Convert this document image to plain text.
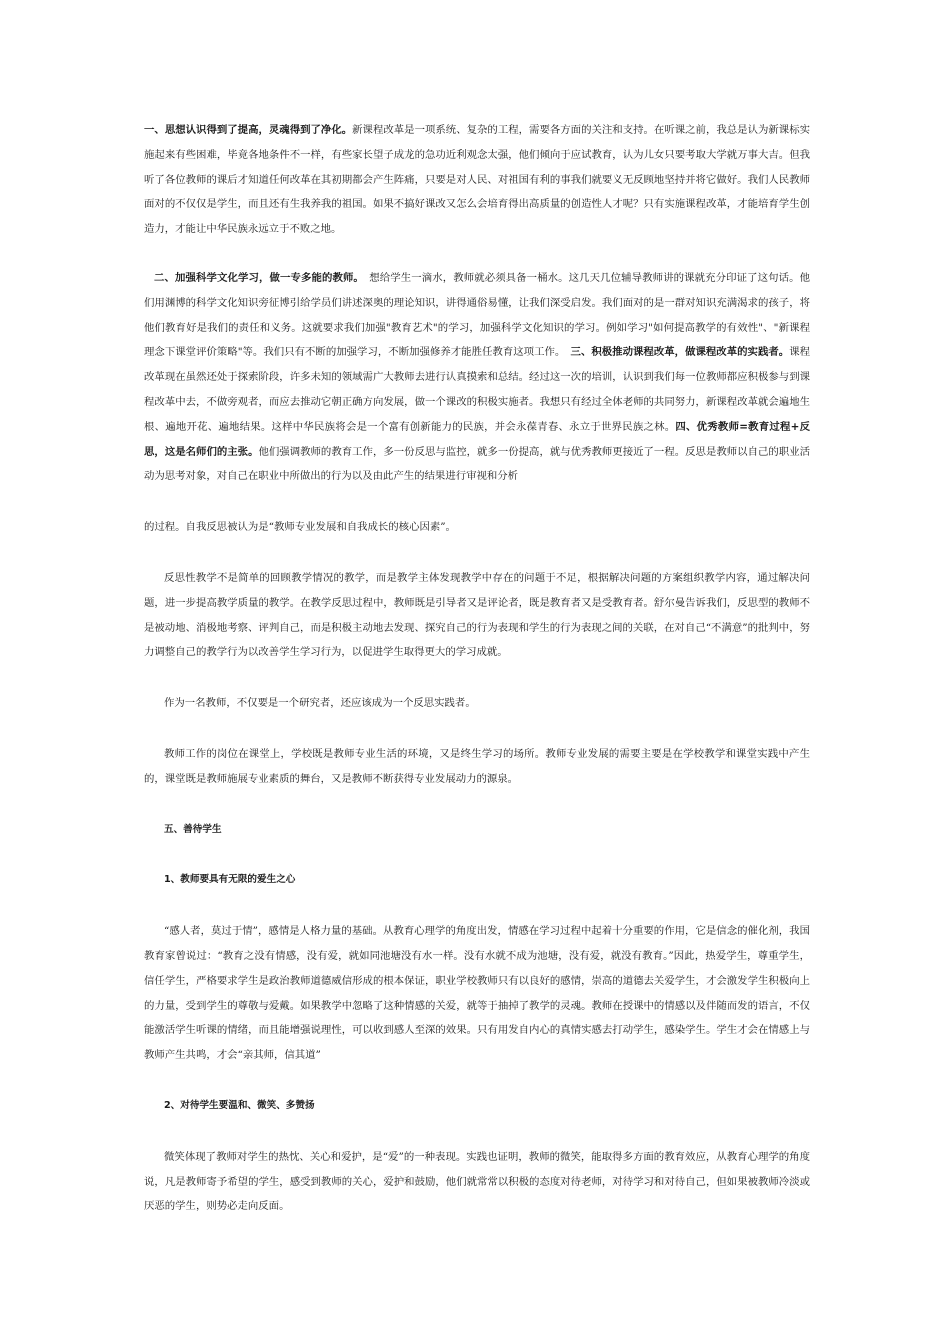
一、思想认识得到了提高，灵魂得到了净化。新课程改革是一项系统、复杂的工程，需要各方面的关注和支持。在听课之前，我总是认为新课标实施起来有些困难，毕竟各地条件不一样，有些家长望子成龙的急功近利观念太强，他们倾向于应试教育，认为儿女只要考取大学就万事大吉。但我听了各位教师的课后才知道任何改革在其初期都会产生阵痛，只要是对人民、对祖国有利的事我们就要义无反顾地坚持并将它做好。我们人民教师面对的不仅仅是学生，而且还有生我养我的祖国。如果不搞好课改又怎么会培育得出高质量的创造性人才呢？只有实施课程改革，才能培育学生创造力，才能让中华民族永远立于不败之地。

二、加强科学文化学习，做一专多能的教师。　想给学生一滴水，教师就必须具备一桶水。这几天几位辅导教师讲的课就充分印证了这句话。他们用渊博的科学文化知识旁征博引给学员们讲述深奥的理论知识，讲得通俗易懂，让我们深受启发。我们面对的是一群对知识充满渴求的孩子，将他们教育好是我们的责任和义务。这就要求我们加强"教育艺术"的学习，加强科学文化知识的学习。例如学习"如何提高教学的有效性"、"新课程理念下课堂评价策略"等。我们只有不断的加强学习，不断加强修养才能胜任教育这项工作。　三、积极推动课程改革，做课程改革的实践者。课程改革现在虽然还处于探索阶段，许多未知的领域需广大教师去进行认真摸索和总结。经过这一次的培训，认识到我们每一位教师都应积极参与到课程改革中去，不做旁观者，而应去推动它朝正确方向发展，做一个课改的积极实施者。我想只有经过全体老师的共同努力，新课程改革就会遍地生根、遍地开花、遍地结果。这样中华民族将会是一个富有创新能力的民族，并会永葆青春、永立于世界民族之林。四、优秀教师=教育过程+反思，这是名师们的主张。他们强调教师的教育工作，多一份反思与监控，就多一份提高，就与优秀教师更接近了一程。反思是教师以自己的职业活动为思考对象，对自己在职业中所做出的行为以及由此产生的结果进行审视和分析

的过程。自我反思被认为是“教师专业发展和自我成长的核心因素”。

反思性教学不是简单的回顾教学情况的教学，而是教学主体发现教学中存在的问题于不足，根据解决问题的方案组织教学内容，通过解决问题，进一步提高教学质量的教学。在教学反思过程中，教师既是引导者又是评论者，既是教育者又是受教育者。舒尔曼告诉我们，反思型的教师不是被动地、消极地考察、评判自己，而是积极主动地去发现、探究自己的行为表现和学生的行为表现之间的关联，在对自己“不满意”的批判中，努力调整自己的教学行为以改善学生学习行为，以促进学生取得更大的学习成就。

作为一名教师，不仅要是一个研究者，还应该成为一个反思实践者。

教师工作的岗位在课堂上，学校既是教师专业生活的环境，又是终生学习的场所。教师专业发展的需要主要是在学校教学和课堂实践中产生的，课堂既是教师施展专业素质的舞台，又是教师不断获得专业发展动力的源泉。

五、善待学生

1、教师要具有无限的爱生之心

“感人者，莫过于情”，感情是人格力量的基础。从教育心理学的角度出发，情感在学习过程中起着十分重要的作用，它是信念的催化剂，我国教育家曾说过：“教育之没有情感，没有爱，就如同池塘没有水一样。没有水就不成为池塘，没有爱，就没有教育。”因此，热爱学生，尊重学生，信任学生，严格要求学生是政治教师道德威信形成的根本保证，职业学校教师只有以良好的感情，崇高的道德去关爱学生，才会激发学生积极向上的力量，受到学生的尊敬与爱戴。如果教学中忽略了这种情感的关爱，就等于抽掉了教学的灵魂。教师在授课中的情感以及伴随而发的语言，不仅能激活学生听课的情绪，而且能增强说理性，可以收到感人至深的效果。只有用发自内心的真情实感去打动学生，感染学生。学生才会在情感上与教师产生共鸣，才会“亲其师，信其道”

2、对待学生要温和、微笑、多赞扬

微笑体现了教师对学生的热忱、关心和爱护，是“爱”的一种表现。实践也证明，教师的微笑，能取得多方面的教育效应，从教育心理学的角度说，凡是教师寄予希望的学生，感受到教师的关心，爱护和鼓励，他们就常常以积极的态度对待老师，对待学习和对待自己，但如果被教师冷淡或厌恶的学生，则势必走向反面。
